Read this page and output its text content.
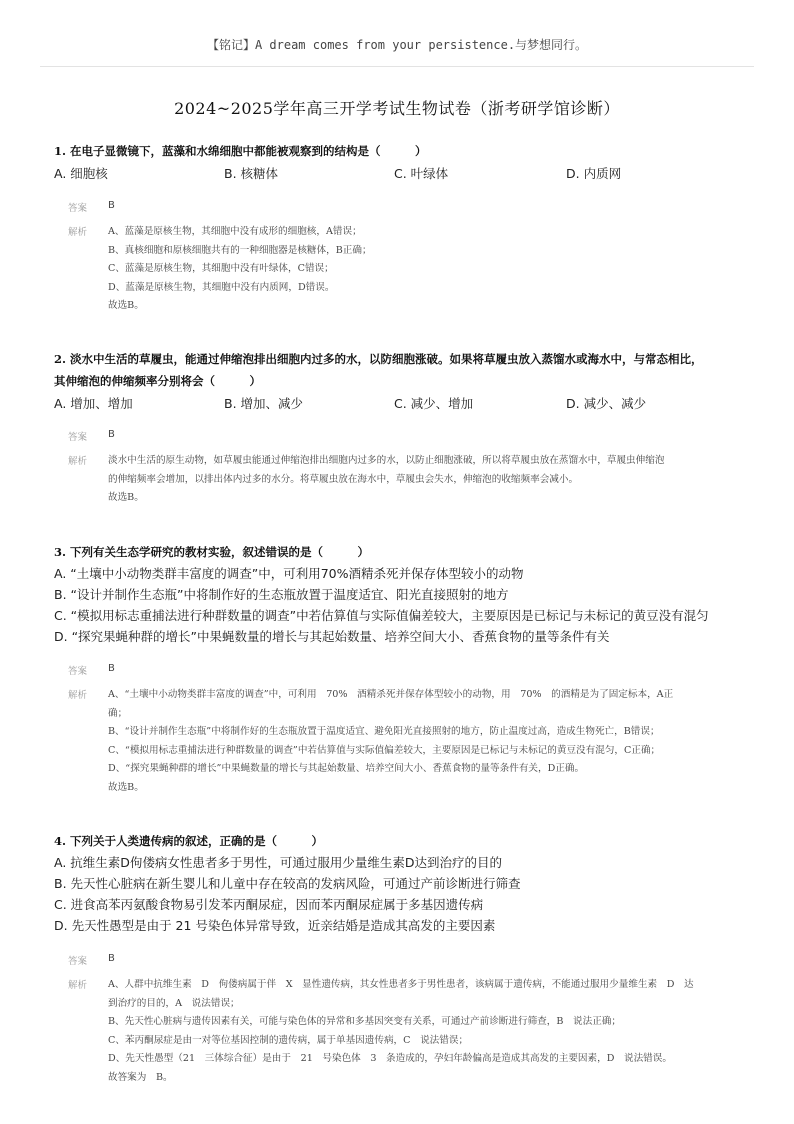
【铭记】A dream comes from your persistence.与梦想同行。
2024~2025学年高三开学考试生物试卷（浙考研学馆诊断）
1. 在电子显微镜下，蓝藻和水绵细胞中都能被观察到的结构是（　　　）
A. 细胞核	B. 核糖体	C. 叶绿体	D. 内质网
答案 B
解析 A、蓝藻是原核生物，其细胞中没有成形的细胞核，A错误；
B、真核细胞和原核细胞共有的一种细胞器是核糖体，B正确；
C、蓝藻是原核生物，其细胞中没有叶绿体，C错误；
D、蓝藻是原核生物，其细胞中没有内质网，D错误。
故选B。
2. 淡水中生活的草履虫，能通过伸缩泡排出细胞内过多的水，以防细胞涨破。如果将草履虫放入蒸馏水或海水中，与常态相比，
其伸缩泡的伸缩频率分别将会（　　　）
A. 增加、增加	B. 增加、减少	C. 减少、增加	D. 减少、减少
答案 B
解析 淡水中生活的原生动物，如草履虫能通过伸缩泡排出细胞内过多的水，以防止细胞涨破，所以将草履虫放在蒸馏水中，草履虫伸缩泡
的伸缩频率会增加，以排出体内过多的水分。将草履虫放在海水中，草履虫会失水，伸缩泡的收缩频率会减小。
故选B。
3. 下列有关生态学研究的教材实验，叙述错误的是（　　　）
A. “土壤中小动物类群丰富度的调查”中，可利用70%酒精杀死并保存体型较小的动物
B. “设计并制作生态瓶”中将制作好的生态瓶放置于温度适宜、阳光直接照射的地方
C. “模拟用标志重捕法进行种群数量的调查”中若估算值与实际值偏差较大，主要原因是已标记与未标记的黄豆没有混匀
D. “探究果蝇种群的增长”中果蝇数量的增长与其起始数量、培养空间大小、香蕉食物的量等条件有关
答案 B
解析 A、“土壤中小动物类群丰富度的调查”中，可利用　70%　酒精杀死并保存体型较小的动物，用　70%　的酒精是为了固定标本，A正
确；
B、“设计并制作生态瓶”中将制作好的生态瓶放置于温度适宜、避免阳光直接照射的地方，防止温度过高，造成生物死亡，B错误；
C、“模拟用标志重捕法进行种群数量的调查”中若估算值与实际值偏差较大，主要原因是已标记与未标记的黄豆没有混匀，C正确；
D、“探究果蝇种群的增长”中果蝇数量的增长与其起始数量、培养空间大小、香蕉食物的量等条件有关，D正确。
故选B。
4. 下列关于人类遗传病的叙述，正确的是（　　　）
A. 抗维生素D佝偻病女性患者多于男性，可通过服用少量维生素D达到治疗的目的
B. 先天性心脏病在新生婴儿和儿童中存在较高的发病风险，可通过产前诊断进行筛查
C. 进食高苯丙氨酸食物易引发苯丙酮尿症，因而苯丙酮尿症属于多基因遗传病
D. 先天性愚型是由于 21 号染色体异常导致，近亲结婚是造成其高发的主要因素
答案 B
解析 A、人群中抗维生素　D　佝偻病属于伴　X　显性遗传病，其女性患者多于男性患者，该病属于遗传病，不能通过服用少量维生素　D　达
到治疗的目的，A　说法错误；
B、先天性心脏病与遗传因素有关，可能与染色体的异常和多基因突变有关系，可通过产前诊断进行筛查，B　说法正确；
C、苯丙酮尿症是由一对等位基因控制的遗传病，属于单基因遗传病，C　说法错误；
D、先天性愚型（21　三体综合征）是由于　21　号染色体　3　条造成的，孕妇年龄偏高是造成其高发的主要因素，D　说法错误。
故答案为　B。
